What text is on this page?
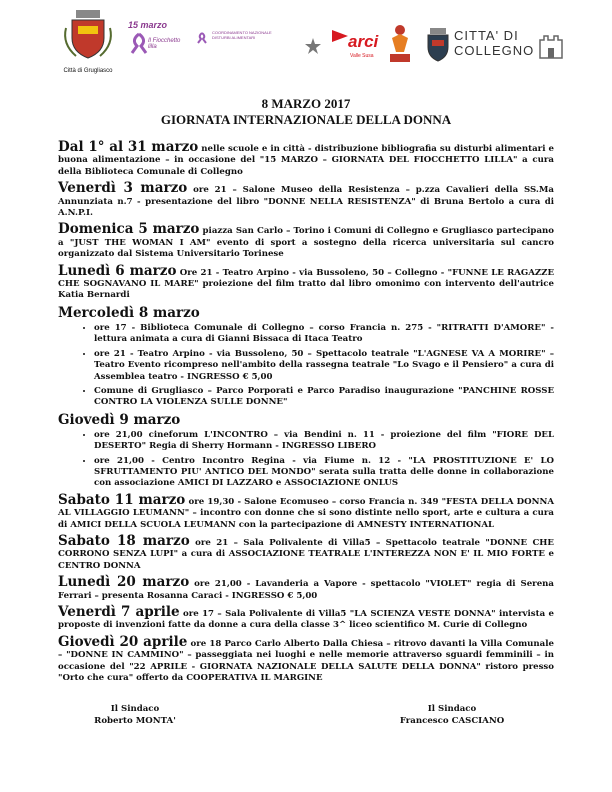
Città di Grugliasco
15 marzo
Il Fiocchetto lilla
COORDINAMENTO NAZIONALE DISTURBI ALIMENTARI	arci
Valle Susa
CITTA' DI COLLEGNO

8 MARZO 2017

GIORNATA INTERNAZIONALE DELLA DONNA

Dal 1° al 31 marzo nelle scuole e in città - distribuzione bibliografia su disturbi alimentari e buona alimentazione – in occasione del "15 MARZO – GIORNATA DEL FIOCCHETTO LILLA" a cura della Biblioteca Comunale di Collegno

Venerdì 3 marzo ore 21 – Salone Museo della Resistenza – p.zza Cavalieri della SS.Ma Annunziata n.7 - presentazione del libro "DONNE NELLA RESISTENZA" di Bruna Bertolo a cura di A.N.P.I.

Domenica 5 marzo piazza San Carlo – Torino i Comuni di Collegno e Grugliasco partecipano a "JUST THE WOMAN I AM" evento di sport a sostegno della ricerca universitaria sul cancro organizzato dal Sistema Universitario Torinese

Lunedì 6 marzo Ore 21 - Teatro Arpino - via Bussoleno, 50 – Collegno - "FUNNE LE RAGAZZE CHE SOGNAVANO IL MARE" proiezione del film tratto dal libro omonimo con intervento dell'autrice Katia Bernardi

Mercoledì 8 marzo

• ore 17 - Biblioteca Comunale di Collegno – corso Francia n. 275 - "RITRATTI D'AMORE" - lettura animata a cura di Gianni Bissaca di Itaca Teatro
• ore 21 - Teatro Arpino - via Bussoleno, 50 – Spettacolo teatrale "L'AGNESE VA A MORIRE" – Teatro Evento ricompreso nell'ambito della rassegna teatrale "Lo Svago e il Pensiero" a cura di Assemblea teatro - INGRESSO € 5,00
• Comune di Grugliasco – Parco Porporati e Parco Paradiso inaugurazione "PANCHINE ROSSE CONTRO LA VIOLENZA SULLE DONNE"

Giovedì 9 marzo

• ore 21,00 cineforum L'INCONTRO – via Bendini n. 11 - proiezione del film "FIORE DEL DESERTO" Regia di Sherry Hormann - INGRESSO LIBERO
• ore 21,00 - Centro Incontro Regina - via Fiume n. 12 - "LA PROSTITUZIONE E' LO SFRUTTAMENTO PIU' ANTICO DEL MONDO" serata sulla tratta delle donne in collaborazione con associazione AMICI DI LAZZARO e ASSOCIAZIONE ONLUS

Sabato 11 marzo ore 19,30 - Salone Ecomuseo – corso Francia n. 349 "FESTA DELLA DONNA AL VILLAGGIO LEUMANN" – incontro con donne che si sono distinte nello sport, arte e cultura a cura di AMICI DELLA SCUOLA LEUMANN con la partecipazione di AMNESTY INTERNATIONAL

Sabato 18 marzo ore 21 – Sala Polivalente di Villa5 – Spettacolo teatrale "DONNE CHE CORRONO SENZA LUPI" a cura di ASSOCIAZIONE TEATRALE L'INTEREZZA NON E' IL MIO FORTE e CENTRO DONNA

Lunedì 20 marzo ore 21,00 - Lavanderia a Vapore - spettacolo "VIOLET" regia di Serena Ferrari – presenta Rosanna Caraci - INGRESSO € 5,00

Venerdì 7 aprile ore 17 – Sala Polivalente di Villa5 "LA SCIENZA VESTE DONNA" intervista e proposte di invenzioni fatte da donne a cura della classe 3^ liceo scientifico M. Curie di Collegno

Giovedì 20 aprile ore 18 Parco Carlo Alberto Dalla Chiesa – ritrovo davanti la Villa Comunale – "DONNE IN CAMMINO" – passeggiata nei luoghi e nelle memorie attraverso sguardi femminili – in occasione del "22 APRILE - GIORNATA NAZIONALE DELLA SALUTE DELLA DONNA" ristoro presso "Orto che cura" offerto da COOPERATIVA IL MARGINE

Il Sindaco
Roberto MONTA'
Il Sindaco
Francesco CASCIANO
